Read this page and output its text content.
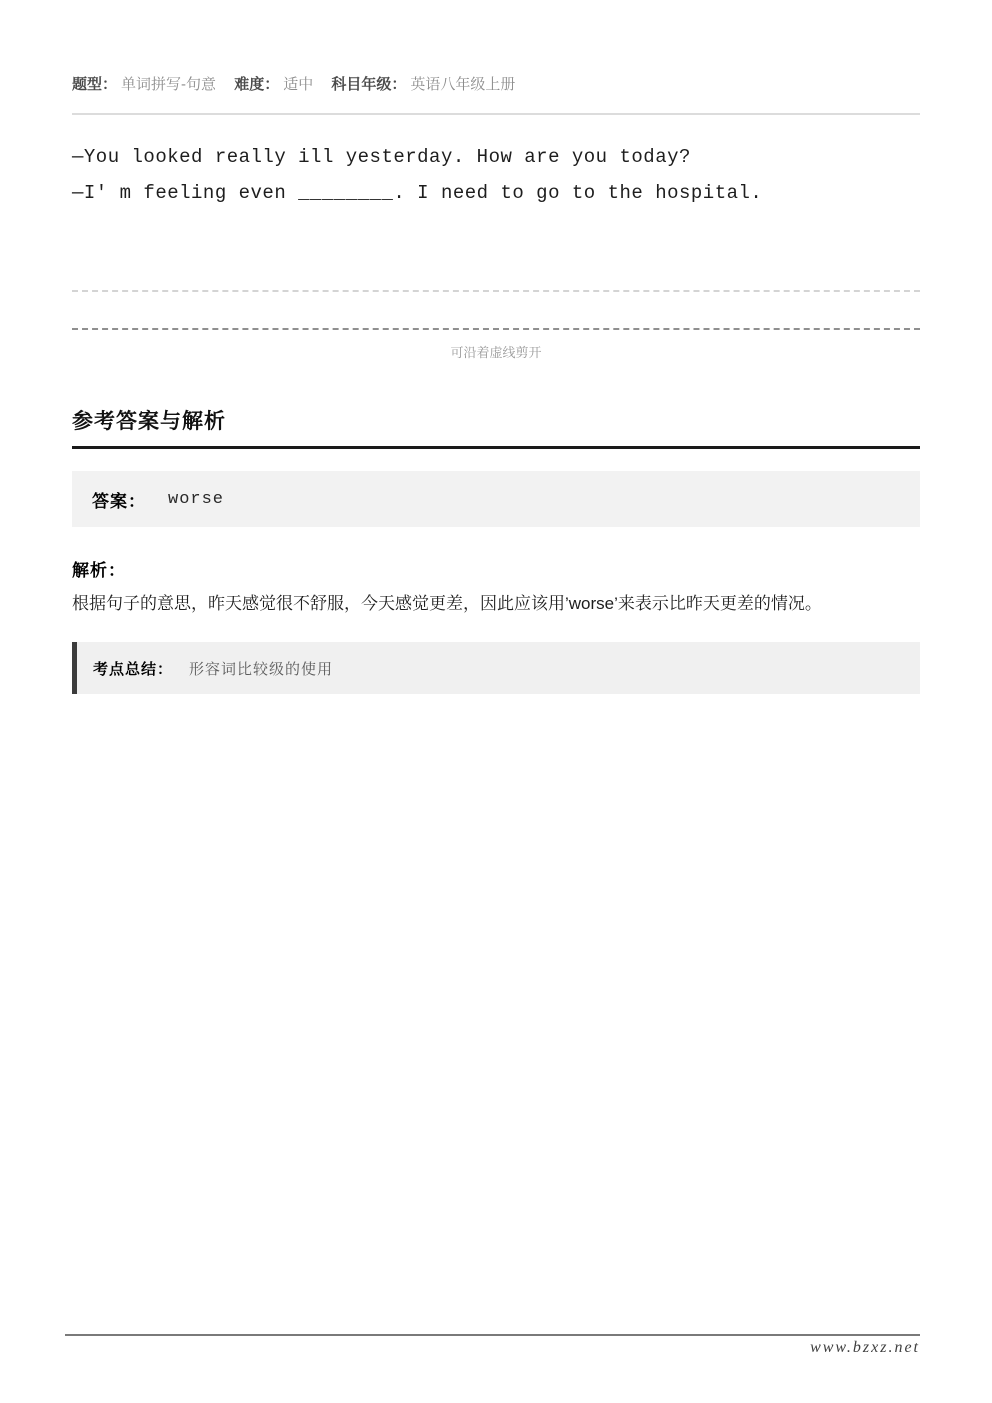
题型： 单词拼写-句意 难度： 适中 科目年级： 英语八年级上册
—You looked really ill yesterday. How are you today?
—I' m feeling even ________. I need to go to the hospital.
可沿着虚线剪开
参考答案与解析
答案： worse
解析：
根据句子的意思，昨天感觉很不舒服，今天感觉更差，因此应该用’worse’来表示比昨天更差的情况。
考点总结： 形容词比较级的使用
www.bzxz.net
